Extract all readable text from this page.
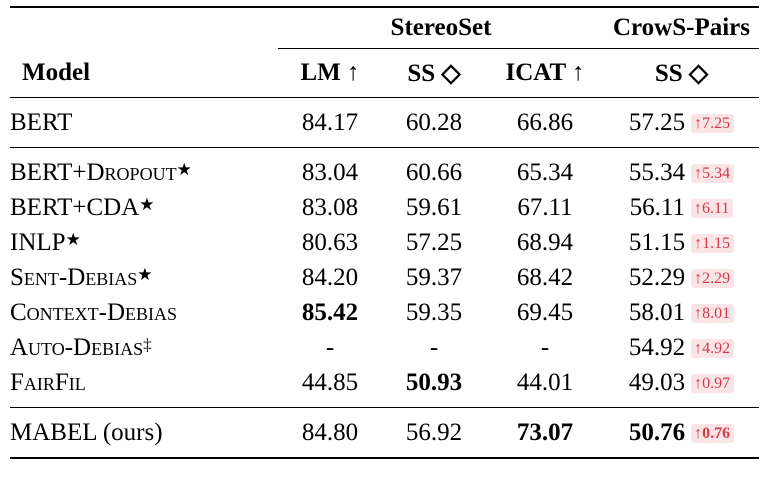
	StereoSet			CrowS-Pairs
Model	LM ↑	SS ◇	ICAT ↑	SS ◇

BERT	84.17	60.28	66.86	57.25 ↑7.25

BERT+Dropout★	83.04	60.66	65.34	55.34 ↑5.34
BERT+CDA★	83.08	59.61	67.11	56.11 ↑6.11
INLP★	80.63	57.25	68.94	51.15 ↑1.15
Sent-Debias★	84.20	59.37	68.42	52.29 ↑2.29
Context-Debias	85.42	59.35	69.45	58.01 ↑8.01
Auto-Debias‡	-	-	-	54.92 ↑4.92
FairFil	44.85	50.93	44.01	49.03 ↑0.97

MABEL (ours)	84.80	56.92	73.07	50.76 ↑0.76
